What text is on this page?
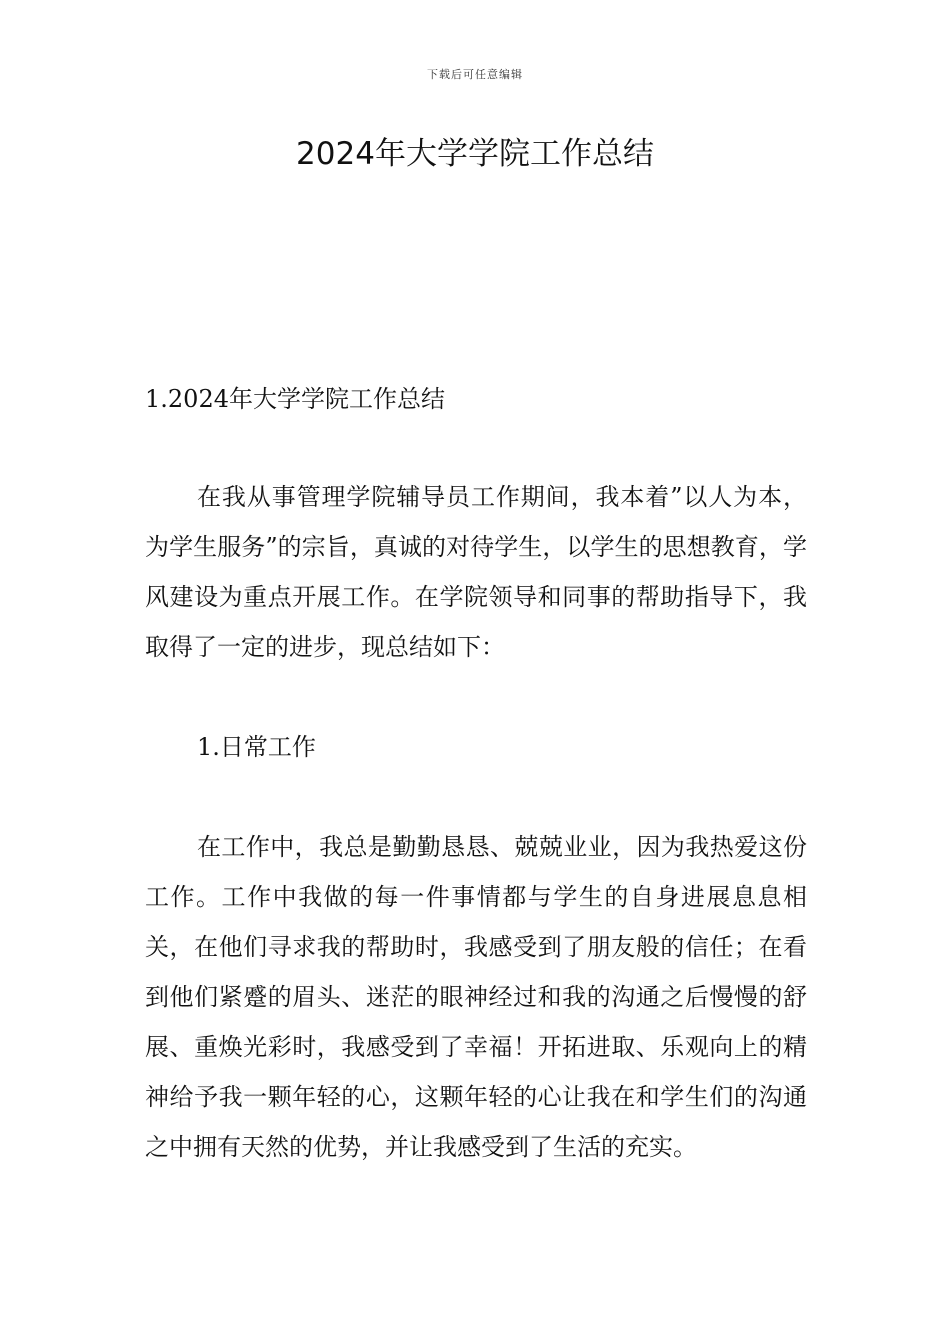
下载后可任意编辑
2024年大学学院工作总结
1.2024年大学学院工作总结

在我从事管理学院辅导员工作期间，我本着”以人为本，为学生服务”的宗旨，真诚的对待学生，以学生的思想教育，学风建设为重点开展工作。在学院领导和同事的帮助指导下，我取得了一定的进步，现总结如下：

1.日常工作

在工作中，我总是勤勤恳恳、兢兢业业，因为我热爱这份工作。工作中我做的每一件事情都与学生的自身进展息息相关，在他们寻求我的帮助时，我感受到了朋友般的信任；在看到他们紧蹙的眉头、迷茫的眼神经过和我的沟通之后慢慢的舒展、重焕光彩时，我感受到了幸福！开拓进取、乐观向上的精神给予我一颗年轻的心，这颗年轻的心让我在和学生们的沟通之中拥有天然的优势，并让我感受到了生活的充实。
